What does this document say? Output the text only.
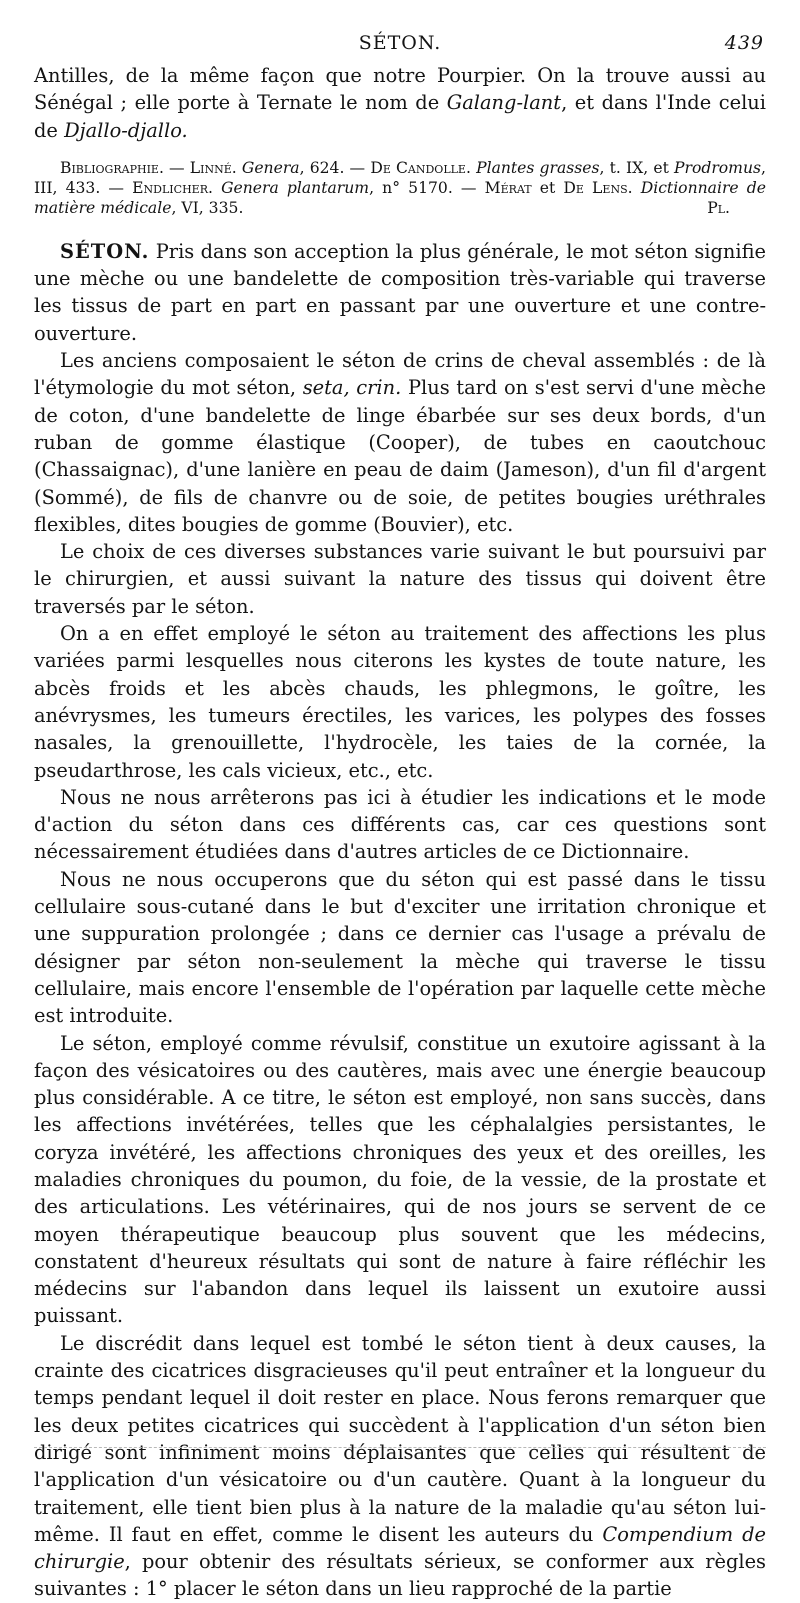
SÉTON.	439

Antilles, de la même façon que notre Pourpier. On la trouve aussi au Sénégal ; elle porte à Ternate le nom de Galang-lant, et dans l'Inde celui de Djallo-djallo.

Bibliographie. — Linné. Genera, 624. — De Candolle. Plantes grasses, t. IX, et Prodromus, III, 433. — Endlicher. Genera plantarum, n° 5170. — Mérat et De Lens. Dictionnaire de matière médicale, VI, 335.	Pl.

SÉTON. Pris dans son acception la plus générale, le mot séton signifie une mèche ou une bandelette de composition très-variable qui traverse les tissus de part en part en passant par une ouverture et une contre-ouverture.

Les anciens composaient le séton de crins de cheval assemblés : de là l'étymologie du mot séton, seta, crin. Plus tard on s'est servi d'une mèche de coton, d'une bandelette de linge ébarbée sur ses deux bords, d'un ruban de gomme élastique (Cooper), de tubes en caoutchouc (Chassaignac), d'une lanière en peau de daim (Jameson), d'un fil d'argent (Sommé), de fils de chanvre ou de soie, de petites bougies uréthrales flexibles, dites bougies de gomme (Bouvier), etc.

Le choix de ces diverses substances varie suivant le but poursuivi par le chirurgien, et aussi suivant la nature des tissus qui doivent être traversés par le séton.

On a en effet employé le séton au traitement des affections les plus variées parmi lesquelles nous citerons les kystes de toute nature, les abcès froids et les abcès chauds, les phlegmons, le goître, les anévrysmes, les tumeurs érectiles, les varices, les polypes des fosses nasales, la grenouillette, l'hydrocèle, les taies de la cornée, la pseudarthrose, les cals vicieux, etc., etc.

Nous ne nous arrêterons pas ici à étudier les indications et le mode d'action du séton dans ces différents cas, car ces questions sont nécessairement étudiées dans d'autres articles de ce Dictionnaire.

Nous ne nous occuperons que du séton qui est passé dans le tissu cellulaire sous-cutané dans le but d'exciter une irritation chronique et une suppuration prolongée ; dans ce dernier cas l'usage a prévalu de désigner par séton non-seulement la mèche qui traverse le tissu cellulaire, mais encore l'ensemble de l'opération par laquelle cette mèche est introduite.

Le séton, employé comme révulsif, constitue un exutoire agissant à la façon des vésicatoires ou des cautères, mais avec une énergie beaucoup plus considérable. A ce titre, le séton est employé, non sans succès, dans les affections invétérées, telles que les céphalalgies persistantes, le coryza invétéré, les affections chroniques des yeux et des oreilles, les maladies chroniques du poumon, du foie, de la vessie, de la prostate et des articulations. Les vétérinaires, qui de nos jours se servent de ce moyen thérapeutique beaucoup plus souvent que les médecins, constatent d'heureux résultats qui sont de nature à faire réfléchir les médecins sur l'abandon dans lequel ils laissent un exutoire aussi puissant.

Le discrédit dans lequel est tombé le séton tient à deux causes, la crainte des cicatrices disgracieuses qu'il peut entraîner et la longueur du temps pendant lequel il doit rester en place. Nous ferons remarquer que les deux petites cicatrices qui succèdent à l'application d'un séton bien dirigé sont infiniment moins déplaisantes que celles qui résultent de l'application d'un vésicatoire ou d'un cautère. Quant à la longueur du traitement, elle tient bien plus à la nature de la maladie qu'au séton lui-même. Il faut en effet, comme le disent les auteurs du Compendium de chirurgie, pour obtenir des résultats sérieux, se conformer aux règles suivantes : 1° placer le séton dans un lieu rapproché de la partie
